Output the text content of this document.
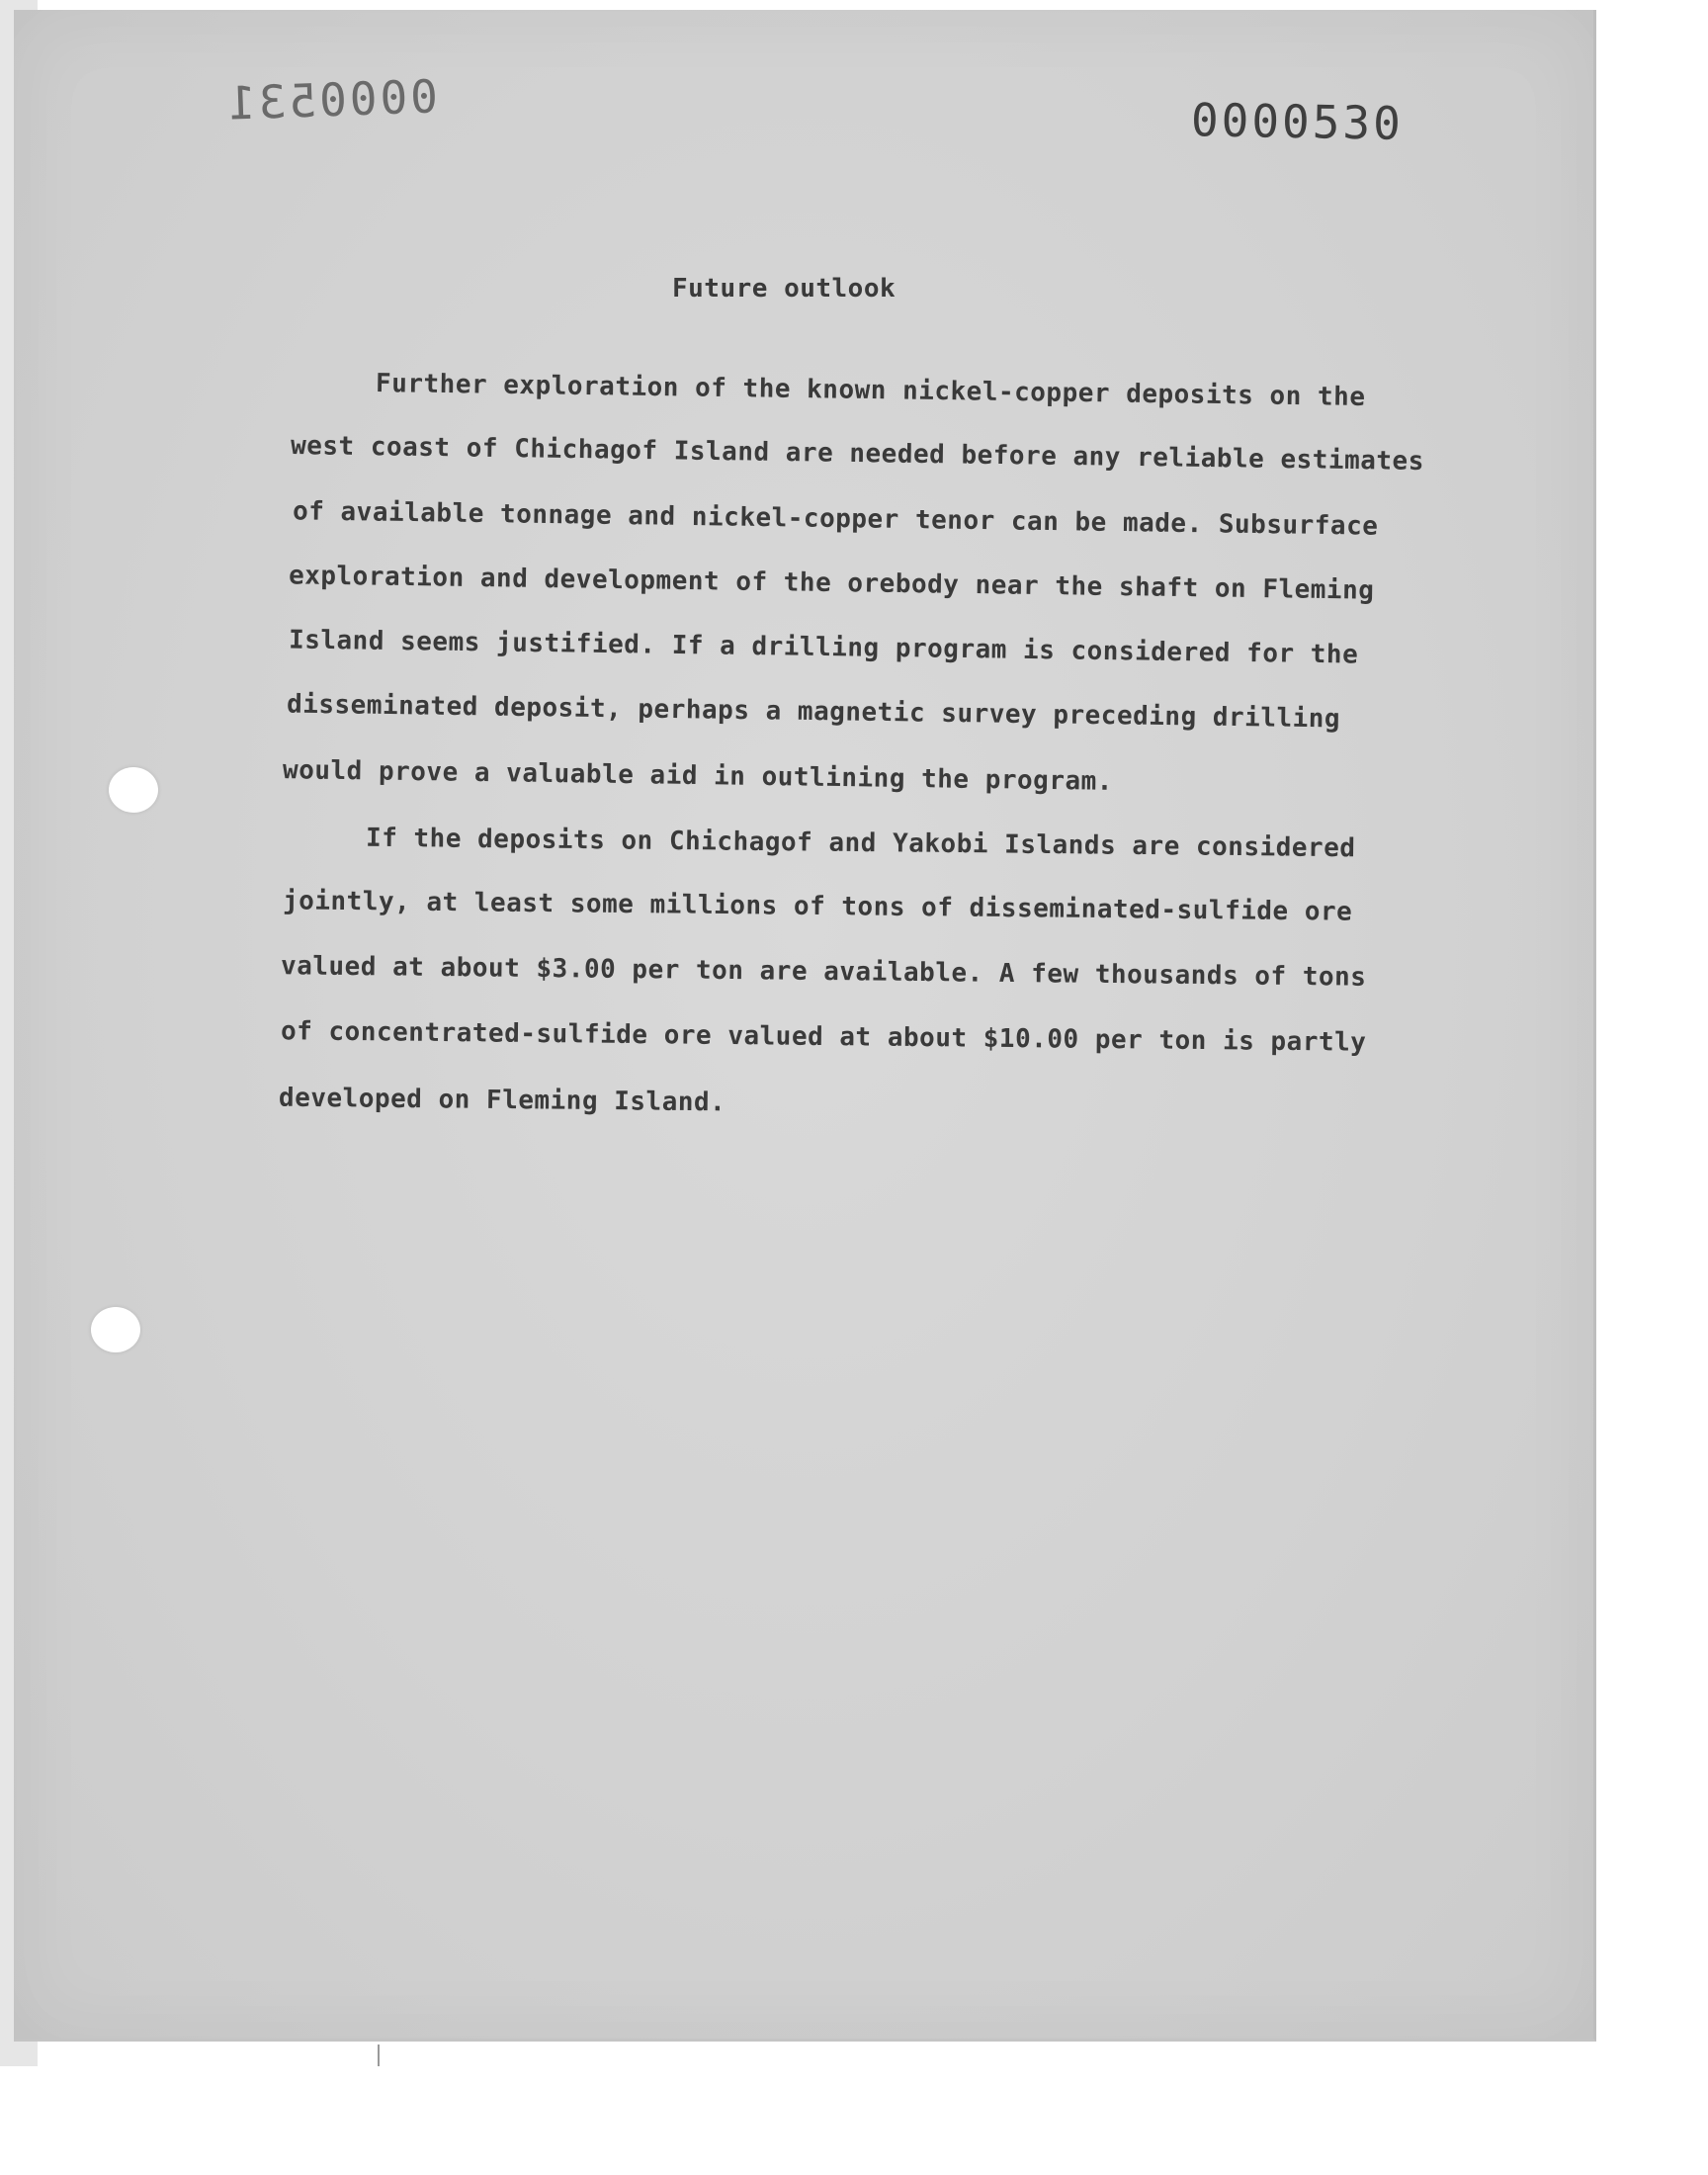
0000531	0000530
Future outlook
Further exploration of the known nickel-copper deposits on the
west coast of Chichagof Island are needed before any reliable estimates
of available tonnage and nickel-copper tenor can be made. Subsurface
exploration and development of the orebody near the shaft on Fleming
Island seems justified. If a drilling program is considered for the
disseminated deposit, perhaps a magnetic survey preceding drilling
would prove a valuable aid in outlining the program.
If the deposits on Chichagof and Yakobi Islands are considered
jointly, at least some millions of tons of disseminated-sulfide ore
valued at about $3.00 per ton are available. A few thousands of tons
of concentrated-sulfide ore valued at about $10.00 per ton is partly
developed on Fleming Island.
